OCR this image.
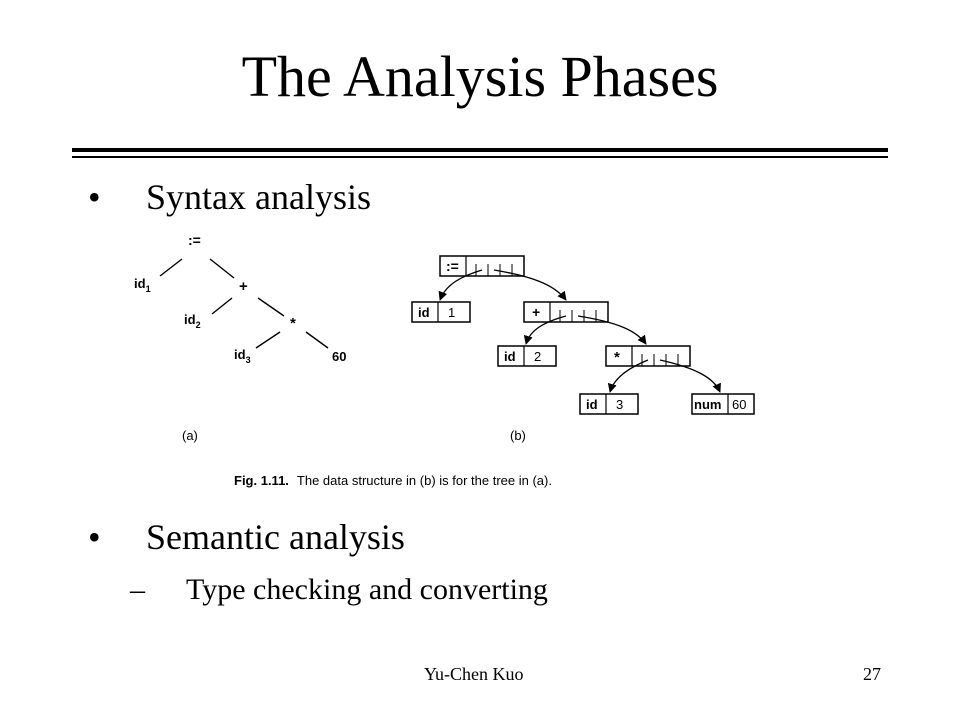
The Analysis Phases
• Syntax analysis
:=
$id_1$	+
$id_2$	*
$id_3$	60
(a)
:=
id 1	+
id 2	*
id 3	num 60
(b)
Fig. 1.11. The data structure in (b) is for the tree in (a).
• Semantic analysis
– Type checking and converting
Yu-Chen Kuo	27
